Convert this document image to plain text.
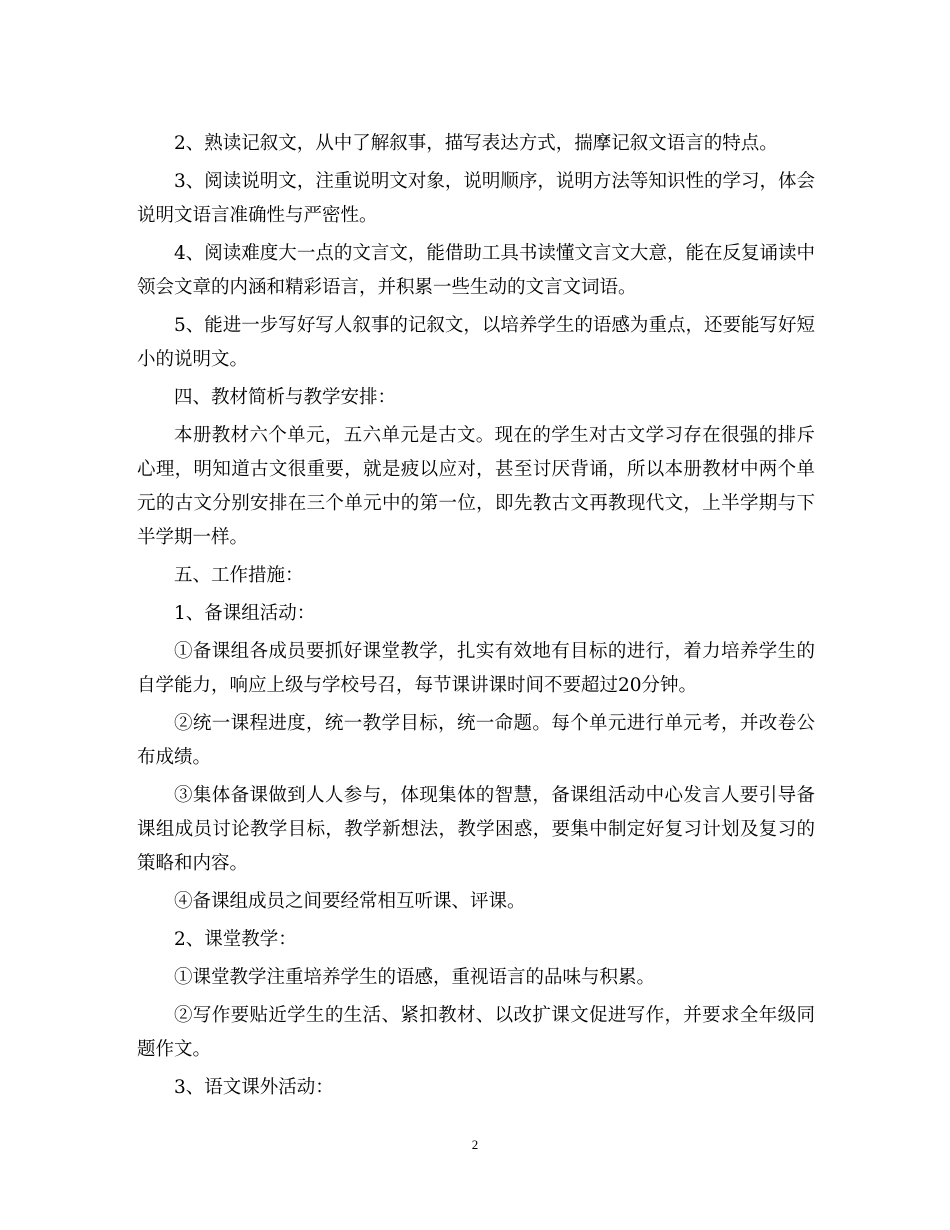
2、熟读记叙文，从中了解叙事，描写表达方式，揣摩记叙文语言的特点。

3、阅读说明文，注重说明文对象，说明顺序，说明方法等知识性的学习，体会说明文语言准确性与严密性。

4、阅读难度大一点的文言文，能借助工具书读懂文言文大意，能在反复诵读中领会文章的内涵和精彩语言，并积累一些生动的文言文词语。

5、能进一步写好写人叙事的记叙文，以培养学生的语感为重点，还要能写好短小的说明文。

四、教材简析与教学安排：

本册教材六个单元，五六单元是古文。现在的学生对古文学习存在很强的排斥心理，明知道古文很重要，就是疲以应对，甚至讨厌背诵，所以本册教材中两个单元的古文分别安排在三个单元中的第一位，即先教古文再教现代文，上半学期与下半学期一样。

五、工作措施：

1、备课组活动：

①备课组各成员要抓好课堂教学，扎实有效地有目标的进行，着力培养学生的自学能力，响应上级与学校号召，每节课讲课时间不要超过20分钟。

②统一课程进度，统一教学目标，统一命题。每个单元进行单元考，并改卷公布成绩。

③集体备课做到人人参与，体现集体的智慧，备课组活动中心发言人要引导备课组成员讨论教学目标，教学新想法，教学困惑，要集中制定好复习计划及复习的策略和内容。

④备课组成员之间要经常相互听课、评课。

2、课堂教学：

①课堂教学注重培养学生的语感，重视语言的品味与积累。

②写作要贴近学生的生活、紧扣教材、以改扩课文促进写作，并要求全年级同题作文。

3、语文课外活动：

2
